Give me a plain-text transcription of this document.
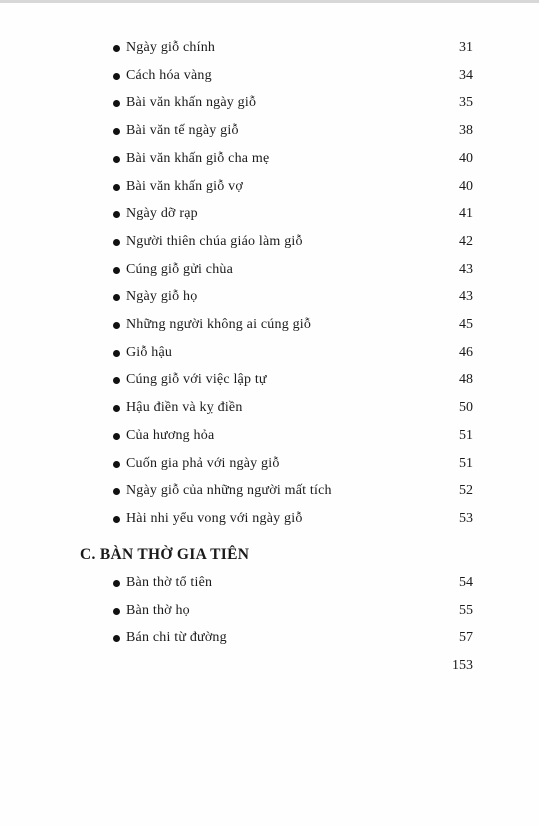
Ngày giỗ chính	31
Cách hóa vàng	34
Bài văn khấn ngày giỗ	35
Bài văn tế ngày giỗ	38
Bài văn khấn giỗ cha mẹ	40
Bài văn khấn giỗ vợ	40
Ngày dỡ rạp	41
Người thiên chúa giáo làm giỗ	42
Cúng giỗ gửi chùa	43
Ngày giỗ họ	43
Những người không ai cúng giỗ	45
Giỗ hậu	46
Cúng giỗ với việc lập tự	48
Hậu điền và kỵ điền	50
Của hương hỏa	51
Cuốn gia phả với ngày giỗ	51
Ngày giỗ của những người mất tích	52
Hài nhi yểu vong với ngày giỗ	53
C. BÀN THỜ GIA TIÊN
Bàn thờ tổ tiên	54
Bàn thờ họ	55
Bán chi từ đường	57
153
